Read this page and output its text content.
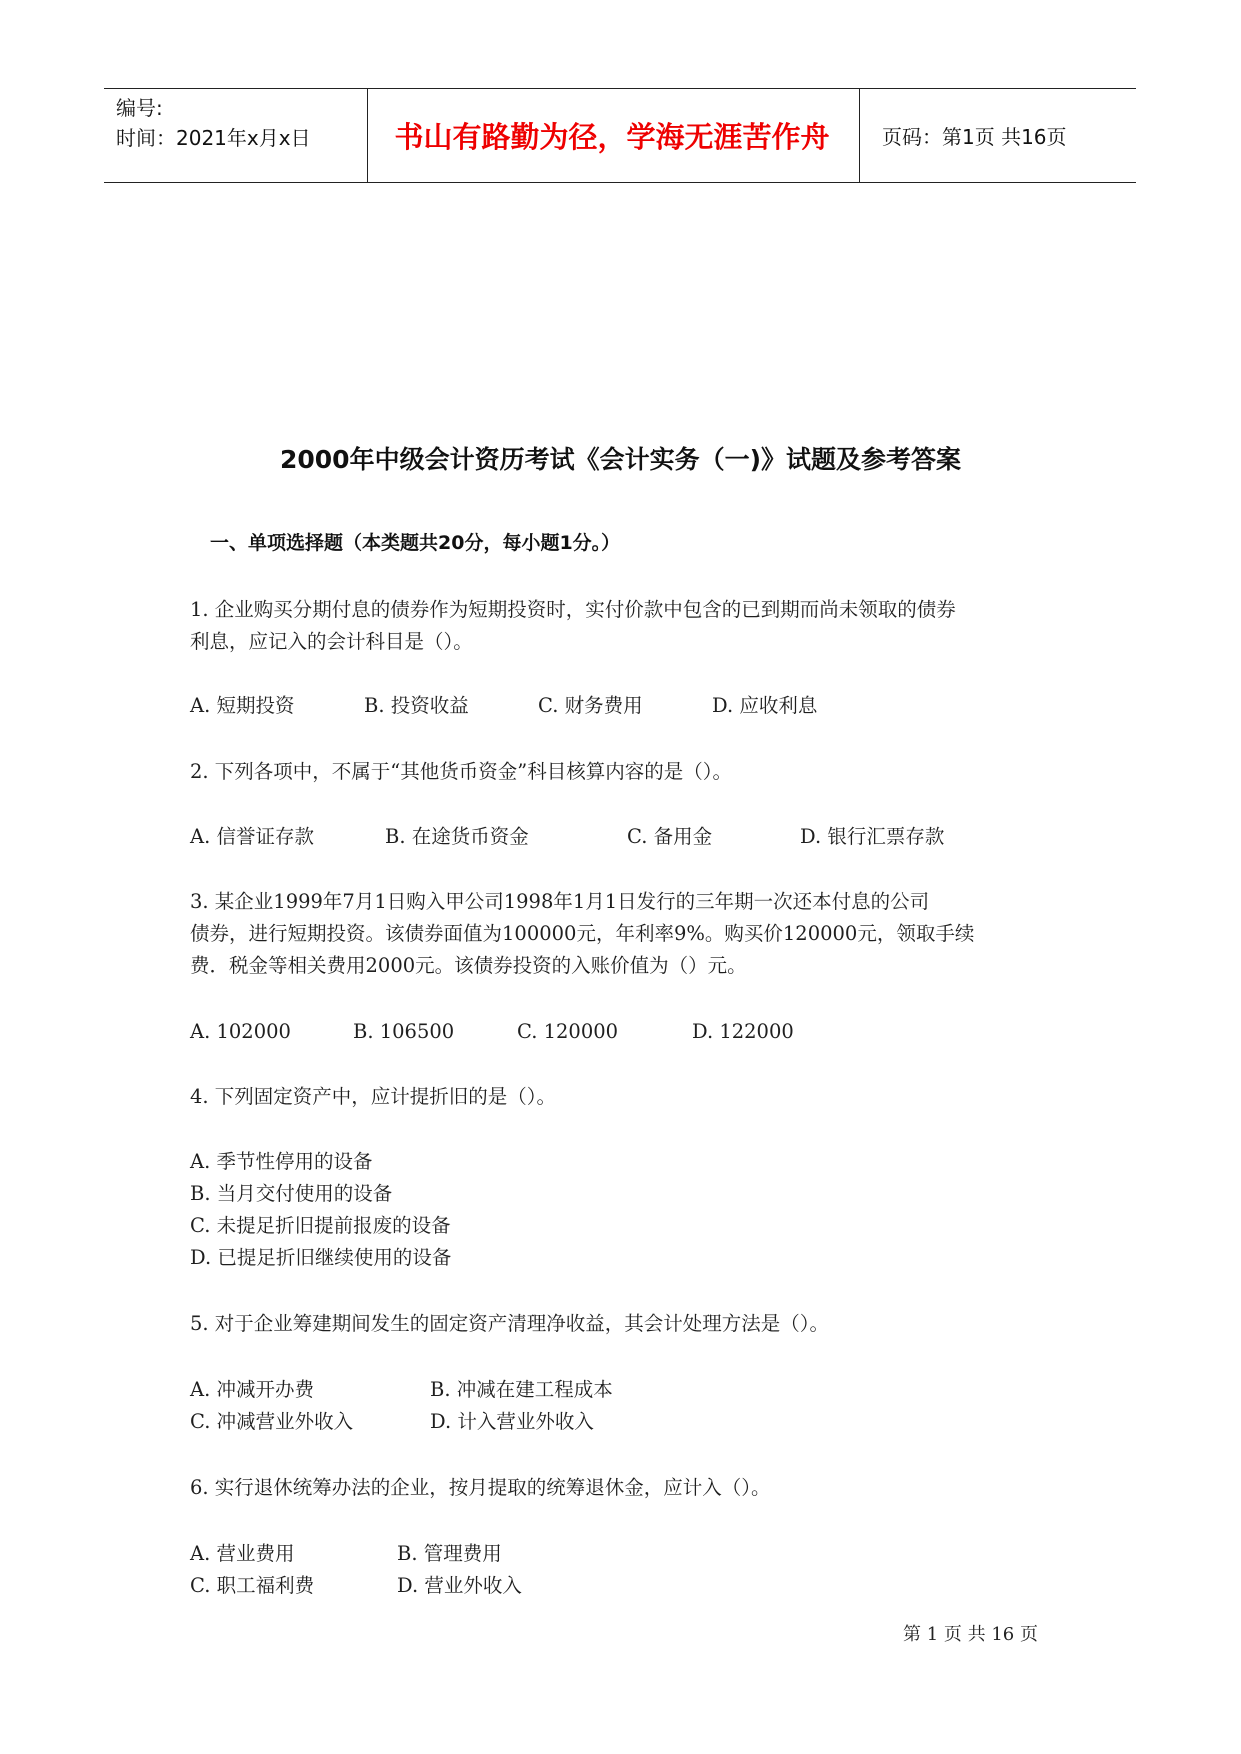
编号:
时间：2021年x月x日	书山有路勤为径，学海无涯苦作舟	页码：第1页 共16页
2000年中级会计资历考试《会计实务（一)》试题及参考答案
一、单项选择题（本类题共20分，每小题1分。）
1. 企业购买分期付息的债券作为短期投资时，实付价款中包含的已到期而尚未领取的债券
利息，应记入的会计科目是（）。
A. 短期投资	B. 投资收益	C. 财务费用	D. 应收利息
2. 下列各项中，不属于“其他货币资金”科目核算内容的是（）。
A. 信誉证存款	B. 在途货币资金	C. 备用金	D. 银行汇票存款
3. 某企业1999年7月1日购入甲公司1998年1月1日发行的三年期一次还本付息的公司
债券，进行短期投资。该债券面值为100000元，年利率9%。购买价120000元，领取手续
费．税金等相关费用2000元。该债券投资的入账价值为（）元。
A. 102000	B. 106500	C. 120000	D. 122000
4. 下列固定资产中，应计提折旧的是（）。
A. 季节性停用的设备
B. 当月交付使用的设备
C. 未提足折旧提前报废的设备
D. 已提足折旧继续使用的设备
5. 对于企业筹建期间发生的固定资产清理净收益，其会计处理方法是（）。
A. 冲减开办费	B. 冲减在建工程成本
C. 冲减营业外收入	D. 计入营业外收入
6. 实行退休统筹办法的企业，按月提取的统筹退休金，应计入（）。
A. 营业费用	B. 管理费用
C. 职工福利费	D. 营业外收入
第 1 页 共 16 页
